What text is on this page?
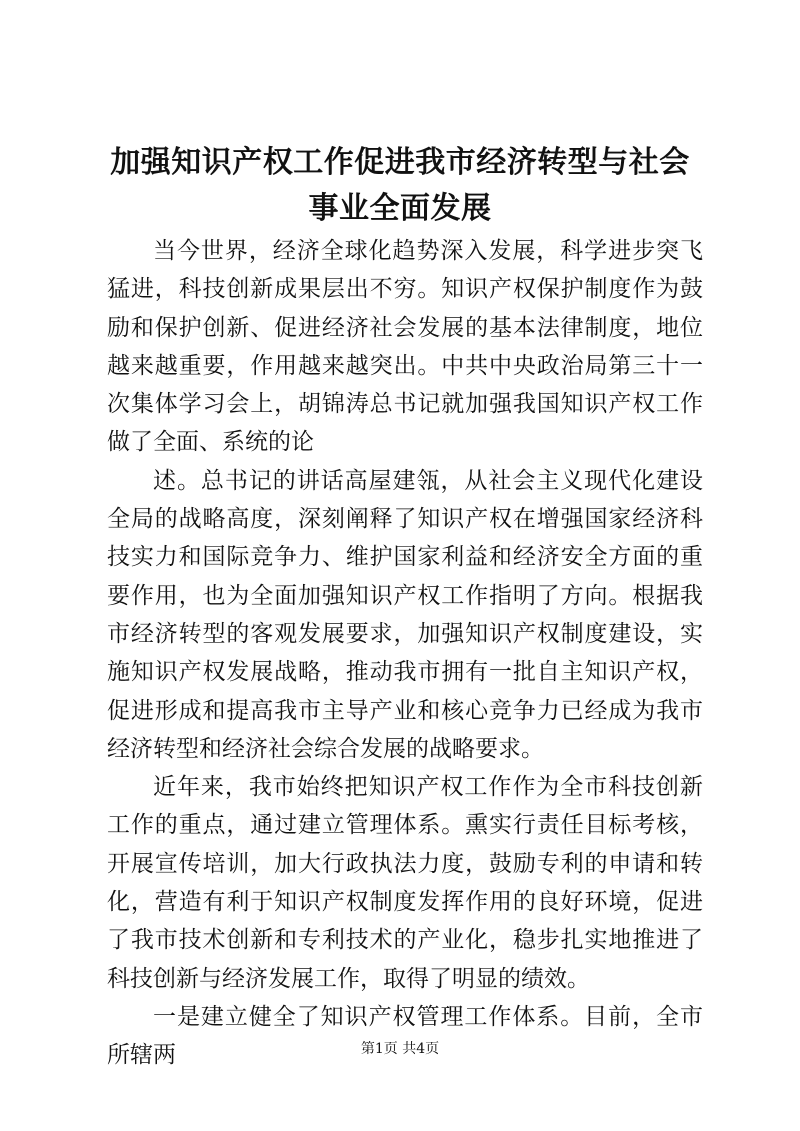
加强知识产权工作促进我市经济转型与社会事业全面发展

当今世界，经济全球化趋势深入发展，科学进步突飞猛进，科技创新成果层出不穷。知识产权保护制度作为鼓励和保护创新、促进经济社会发展的基本法律制度，地位越来越重要，作用越来越突出。中共中央政治局第三十一次集体学习会上，胡锦涛总书记就加强我国知识产权工作做了全面、系统的论

述。总书记的讲话高屋建瓴，从社会主义现代化建设全局的战略高度，深刻阐释了知识产权在增强国家经济科技实力和国际竞争力、维护国家利益和经济安全方面的重要作用，也为全面加强知识产权工作指明了方向。根据我市经济转型的客观发展要求，加强知识产权制度建设，实施知识产权发展战略，推动我市拥有一批自主知识产权，促进形成和提高我市主导产业和核心竞争力已经成为我市经济转型和经济社会综合发展的战略要求。

近年来，我市始终把知识产权工作作为全市科技创新工作的重点，通过建立管理体系。熏实行责任目标考核，开展宣传培训，加大行政执法力度，鼓励专利的申请和转化，营造有利于知识产权制度发挥作用的良好环境，促进了我市技术创新和专利技术的产业化，稳步扎实地推进了科技创新与经济发展工作，取得了明显的绩效。

一是建立健全了知识产权管理工作体系。目前，全市所辖两	第1页 共4页
